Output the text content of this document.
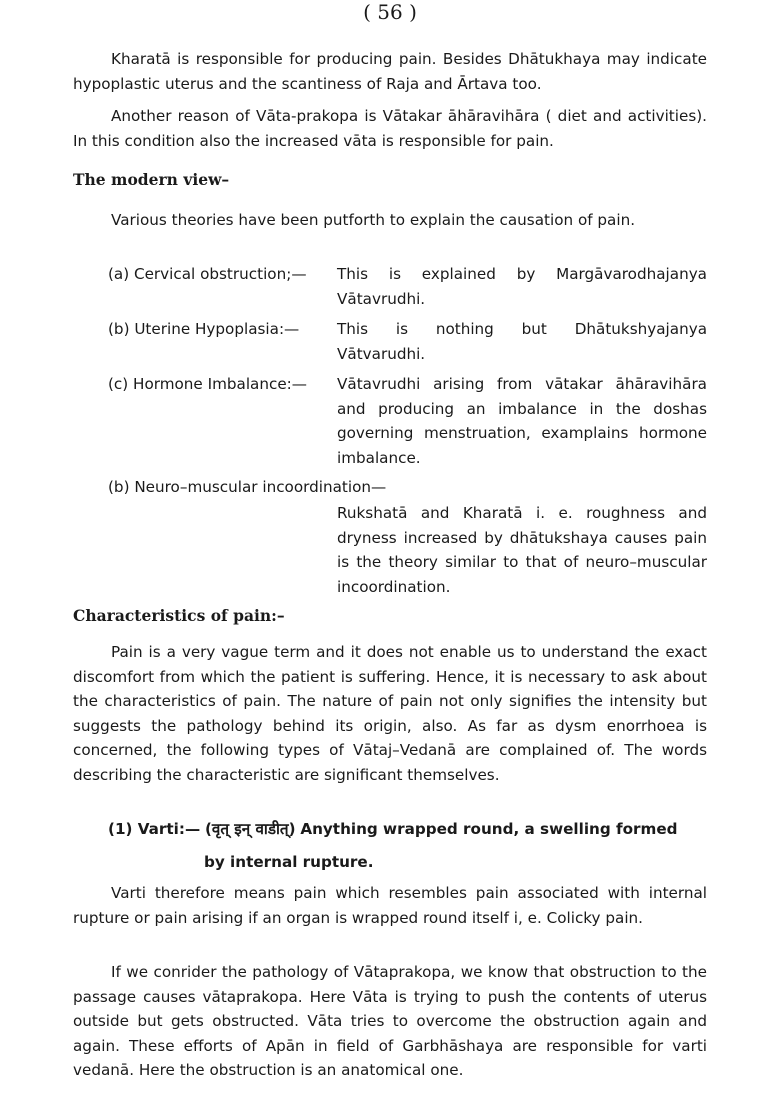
( 56 )
Kharatā is responsible for producing pain. Besides Dhātukhaya may indicate hypoplastic uterus and the scantiness of Raja and Ārtava too.
Another reason of Vāta-prakopa is Vātakar āhāravihāra ( diet and activities). In this condition also the increased vāta is responsible for pain.
The modern view–
Various theories have been putforth to explain the causation of pain.
(a) Cervical obstruction;— This is explained by Margāvarodhajanya Vātavrudhi.
(b) Uterine Hypoplasia:— This is nothing but Dhātukshyajanya Vātvarudhi.
(c) Hormone Imbalance:— Vātavrudhi arising from vātakar āhāravihāra and producing an imbalance in the doshas governing menstruation, examplains hormone imbalance.
(b) Neuro–muscular incoordination—
Rukshatā and Kharatā i. e. roughness and dryness increased by dhātukshaya causes pain is the theory similar to that of neuro–muscular incoordination.
Characteristics of pain:–
Pain is a very vague term and it does not enable us to understand the exact discomfort from which the patient is suffering. Hence, it is necessary to ask about the characteristics of pain. The nature of pain not only signifies the intensity but suggests the pathology behind its origin, also. As far as dysm enorrhoea is concerned, the following types of Vātaj–Vedanā are complained of. The words describing the characteristic are significant themselves.
(1) Varti:— (वृत् इन् वाडीत्) Anything wrapped round, a swelling formed
by internal rupture.
Varti therefore means pain which resembles pain associated with internal rupture or pain arising if an organ is wrapped round itself i, e. Colicky pain.
If we conrider the pathology of Vātaprakopa, we know that obstruction to the passage causes vātaprakopa. Here Vāta is trying to push the contents of uterus outside but gets obstructed. Vāta tries to overcome the obstruction again and again. These efforts of Apān in field of Garbhāshaya are responsible for varti vedanā. Here the obstruction is an anatomical one.
